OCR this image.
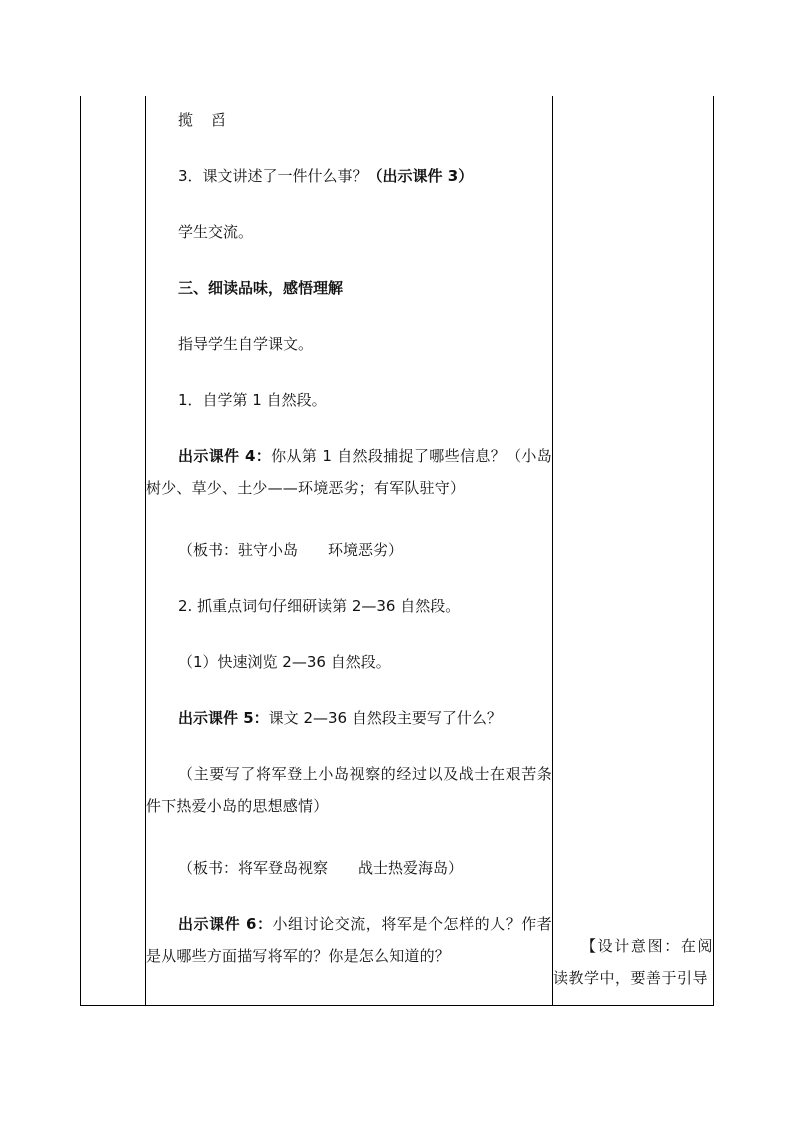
揽 舀
3．课文讲述了一件什么事？（出示课件 3）
学生交流。
三、细读品味，感悟理解
指导学生自学课文。
1．自学第 1 自然段。
出示课件 4：你从第 1 自然段捕捉了哪些信息？（小岛树少、草少、土少——环境恶劣；有军队驻守）
（板书：驻守小岛 环境恶劣）
2. 抓重点词句仔细研读第 2—36 自然段。
（1）快速浏览 2—36 自然段。
出示课件 5：课文 2—36 自然段主要写了什么？
（主要写了将军登上小岛视察的经过以及战士在艰苦条件下热爱小岛的思想感情）
（板书：将军登岛视察 战士热爱海岛）
出示课件 6：小组讨论交流，将军是个怎样的人？作者是从哪些方面描写将军的？你是怎么知道的？
【设计意图：在阅读教学中，要善于引导
